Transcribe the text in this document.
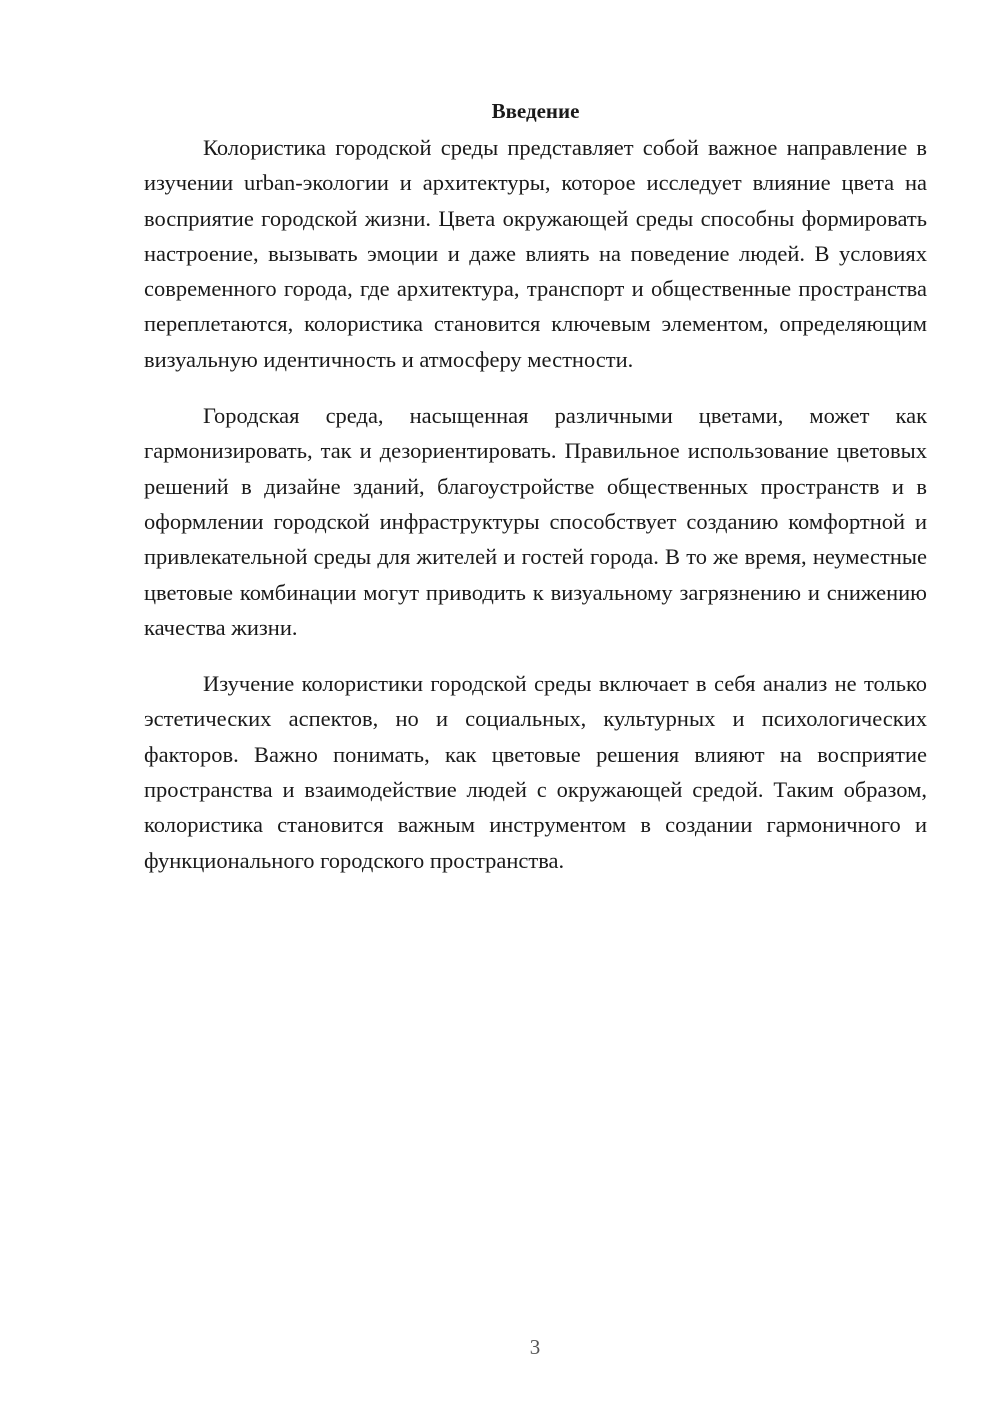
Введение

Колористика городской среды представляет собой важное направление в изучении urban-экологии и архитектуры, которое исследует влияние цвета на восприятие городской жизни. Цвета окружающей среды способны формировать настроение, вызывать эмоции и даже влиять на поведение людей. В условиях современного города, где архитектура, транспорт и общественные пространства переплетаются, колористика становится ключевым элементом, определяющим визуальную идентичность и атмосферу местности.

Городская среда, насыщенная различными цветами, может как гармонизировать, так и дезориентировать. Правильное использование цветовых решений в дизайне зданий, благоустройстве общественных пространств и в оформлении городской инфраструктуры способствует созданию комфортной и привлекательной среды для жителей и гостей города. В то же время, неуместные цветовые комбинации могут приводить к визуальному загрязнению и снижению качества жизни.

Изучение колористики городской среды включает в себя анализ не только эстетических аспектов, но и социальных, культурных и психологических факторов. Важно понимать, как цветовые решения влияют на восприятие пространства и взаимодействие людей с окружающей средой. Таким образом, колористика становится важным инструментом в создании гармоничного и функционального городского пространства.

3
